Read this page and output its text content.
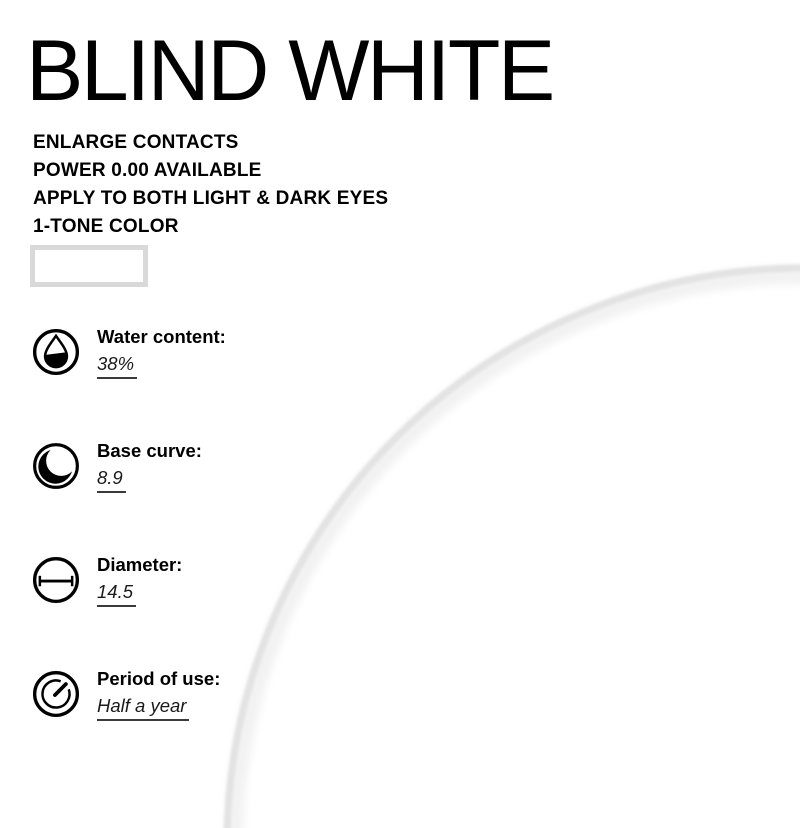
BLIND WHITE
ENLARGE CONTACTS
POWER 0.00 AVAILABLE
APPLY TO BOTH LIGHT & DARK EYES
1-TONE COLOR
Water content:
38%
Base curve:
8.9
Diameter:
14.5
Period of use:
Half a year
